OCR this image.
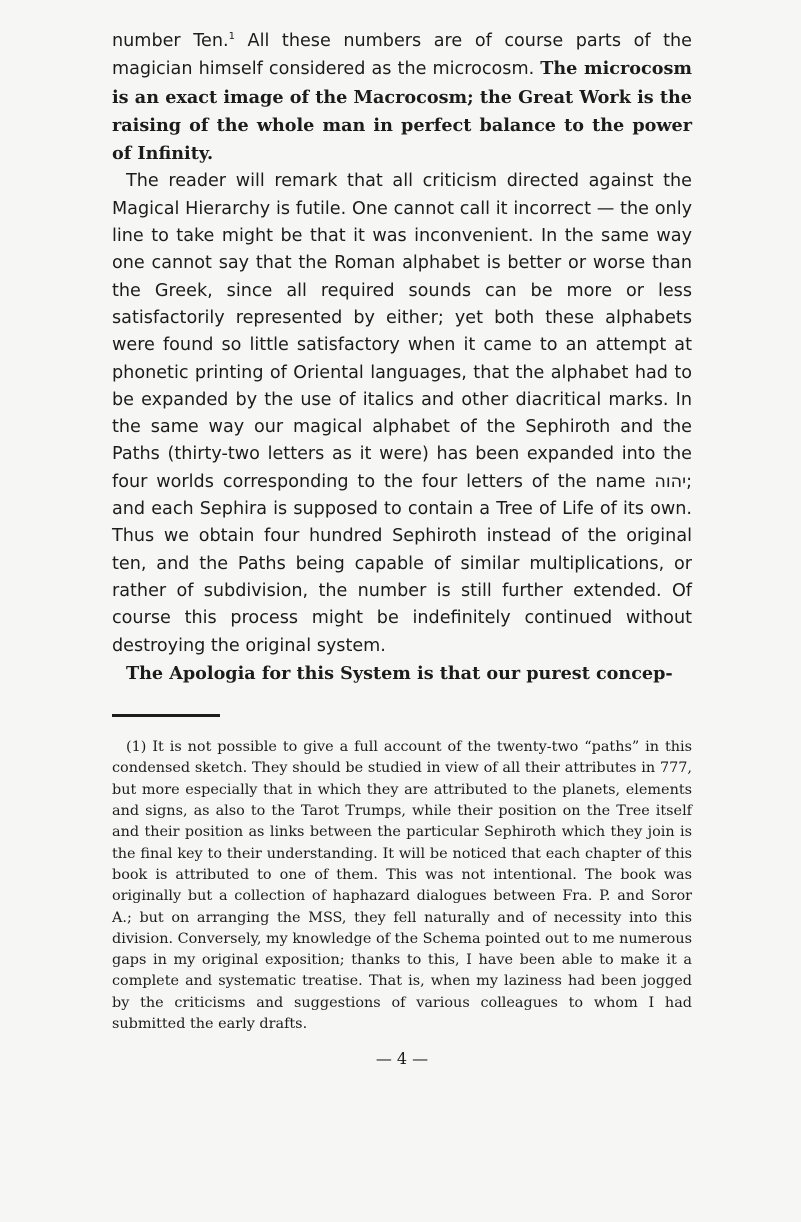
number Ten.$^1$ All these numbers are of course parts of the magician himself considered as the microcosm. The microcosm is an exact image of the Macrocosm; the Great Work is the raising of the whole man in perfect balance to the power of Infinity.

The reader will remark that all criticism directed against the Magical Hierarchy is futile. One cannot call it incorrect — the only line to take might be that it was inconvenient. In the same way one cannot say that the Roman alphabet is better or worse than the Greek, since all required sounds can be more or less satisfactorily represented by either; yet both these alphabets were found so little satisfactory when it came to an attempt at phonetic printing of Oriental languages, that the alphabet had to be expanded by the use of italics and other diacritical marks. In the same way our magical alphabet of the Sephiroth and the Paths (thirty-two letters as it were) has been expanded into the four worlds corresponding to the four letters of the name יהוה; and each Sephira is supposed to contain a Tree of Life of its own. Thus we obtain four hundred Sephiroth instead of the original ten, and the Paths being capable of similar multiplications, or rather of subdivision, the number is still further extended. Of course this process might be indefinitely continued without destroying the original system.

The Apologia for this System is that our purest concep-

(1) It is not possible to give a full account of the twenty-two “paths” in this condensed sketch. They should be studied in view of all their attributes in 777, but more especially that in which they are attributed to the planets, elements and signs, as also to the Tarot Trumps, while their position on the Tree itself and their position as links between the particular Sephiroth which they join is the final key to their understanding. It will be noticed that each chapter of this book is attributed to one of them. This was not intentional. The book was originally but a collection of haphazard dialogues between Fra. P. and Soror A.; but on arranging the MSS, they fell naturally and of necessity into this division. Conversely, my knowledge of the Schema pointed out to me numerous gaps in my original exposition; thanks to this, I have been able to make it a complete and systematic treatise. That is, when my laziness had been jogged by the criticisms and suggestions of various colleagues to whom I had submitted the early drafts.

— 4 —
